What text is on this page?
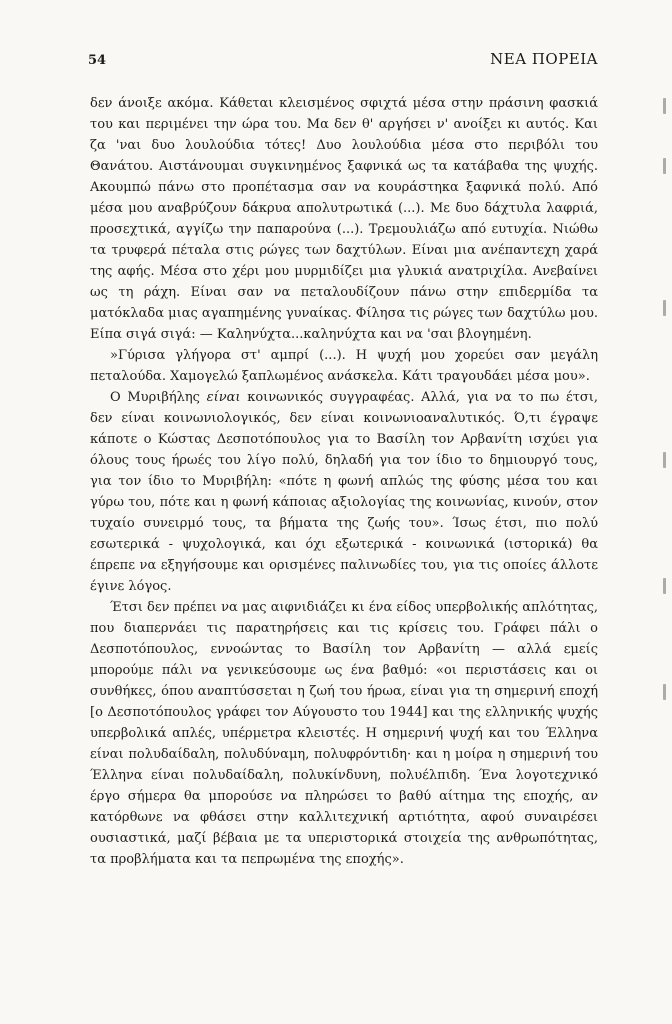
54	ΝΕΑ ΠΟΡΕΙΑ

δεν άνοιξε ακόμα. Κάθεται κλεισμένος σφιχτά μέσα στην πράσινη φασκιά του και περιμένει την ώρα του. Μα δεν θ' αργήσει ν' ανοίξει κι αυτός. Και ζα 'ναι δυο λουλούδια τότες! Δυο λουλούδια μέσα στο περιβόλι του Θανάτου. Αιστάνουμαι συγκινημένος ξαφνικά ως τα κατάβαθα της ψυχής. Ακουμπώ πάνω στο προπέτασμα σαν να κουράστηκα ξαφνικά πολύ. Από μέσα μου αναβρύζουν δάκρυα απολυτρωτικά (...). Με δυο δάχτυλα λαφριά, προσεχτικά, αγγίζω την παπαρούνα (...). Τρεμουλιάζω από ευτυχία. Νιώθω τα τρυφερά πέταλα στις ρώγες των δαχτύλων. Είναι μια ανέπαντεχη χαρά της αφής. Μέσα στο χέρι μου μυρμιδίζει μια γλυκιά ανατριχίλα. Ανεβαίνει ως τη ράχη. Είναι σαν να πεταλουδίζουν πάνω στην επιδερμίδα τα ματόκλαδα μιας αγαπημένης γυναίκας. Φίλησα τις ρώγες των δαχτύλω μου. Είπα σιγά σιγά: — Καληνύχτα...καληνύχτα και να 'σαι βλογημένη.

»Γύρισα γλήγορα στ' αμπρί (...). Η ψυχή μου χορεύει σαν μεγάλη πεταλούδα. Χαμογελώ ξαπλωμένος ανάσκελα. Κάτι τραγουδάει μέσα μου».

Ο Μυριβήλης είναι κοινωνικός συγγραφέας. Αλλά, για να το πω έτσι, δεν είναι κοινωνιολογικός, δεν είναι κοινωνιοαναλυτικός. Ό,τι έγραψε κάποτε ο Κώστας Δεσποτόπουλος για το Βασίλη τον Αρβανίτη ισχύει για όλους τους ήρωές του λίγο πολύ, δηλαδή για τον ίδιο το δημιουργό τους, για τον ίδιο το Μυριβήλη: «πότε η φωνή απλώς της φύσης μέσα του και γύρω του, πότε και η φωνή κάποιας αξιολογίας της κοινωνίας, κινούν, στον τυχαίο συνειρμό τους, τα βήματα της ζωής του». Ίσως έτσι, πιο πολύ εσωτερικά - ψυχολογικά, και όχι εξωτερικά - κοινωνικά (ιστορικά) θα έπρεπε να εξηγήσουμε και ορισμένες παλινωδίες του, για τις οποίες άλλοτε έγινε λόγος.

Έτσι δεν πρέπει να μας αιφνιδιάζει κι ένα είδος υπερβολικής απλότητας, που διαπερνάει τις παρατηρήσεις και τις κρίσεις του. Γράφει πάλι ο Δεσποτόπουλος, εννοώντας το Βασίλη τον Αρβανίτη — αλλά εμείς μπορούμε πάλι να γενικεύσουμε ως ένα βαθμό: «οι περιστάσεις και οι συνθήκες, όπου αναπτύσσεται η ζωή του ήρωα, είναι για τη σημερινή εποχή [ο Δεσποτόπουλος γράφει τον Αύγουστο του 1944] και της ελληνικής ψυχής υπερβολικά απλές, υπέρμετρα κλειστές. Η σημερινή ψυχή και του Έλληνα είναι πολυδαίδαλη, πολυδύναμη, πολυφρόντιδη· και η μοίρα η σημερινή του Έλληνα είναι πολυδαίδαλη, πολυκίνδυνη, πολυέλπιδη. Ένα λογοτεχνικό έργο σήμερα θα μπορούσε να πληρώσει το βαθύ αίτημα της εποχής, αν κατόρθωνε να φθάσει στην καλλιτεχνική αρτιότητα, αφού συναιρέσει ουσιαστικά, μαζί βέβαια με τα υπεριστορικά στοιχεία της ανθρωπότητας, τα προβλήματα και τα πεπρωμένα της εποχής».
